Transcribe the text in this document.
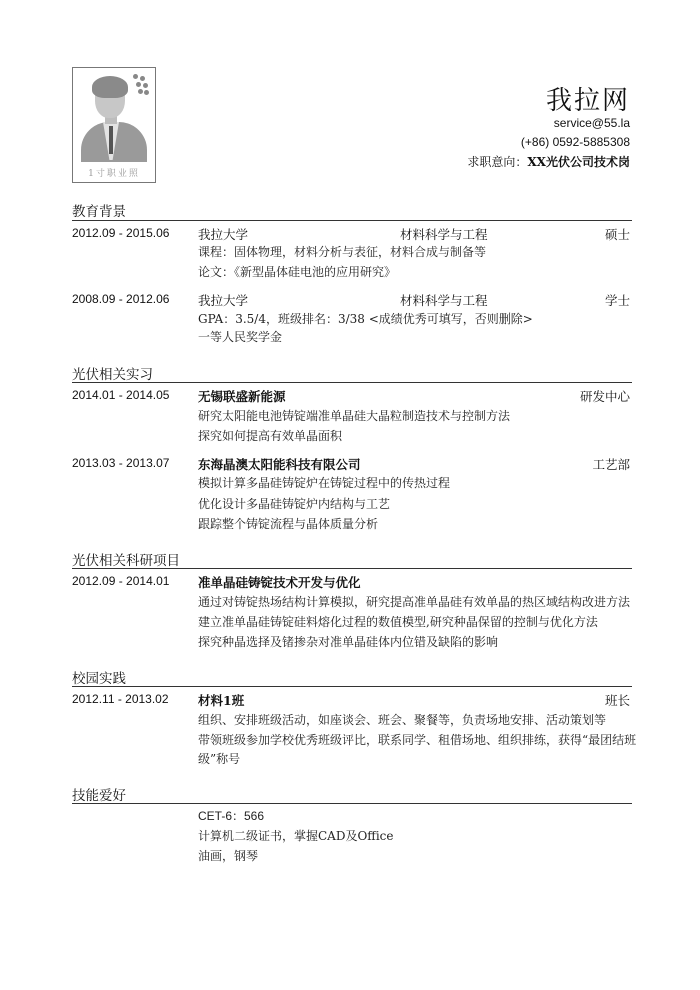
1寸职业照
我拉网
service@55.la
(+86) 0592-5885308
求职意向：XX光伏公司技术岗
教育背景
2012.09 - 2015.06 我拉大学	材料科学与工程	硕士
课程：固体物理，材料分析与表征，材料合成与制备等
论文：《新型晶体硅电池的应用研究》
2008.09 - 2012.06 我拉大学	材料科学与工程	学士
GPA：3.5/4，班级排名：3/38 <成绩优秀可填写，否则删除>
一等人民奖学金
光伏相关实习
2014.01 - 2014.05 无锡联盛新能源	研发中心
研究太阳能电池铸锭端准单晶硅大晶粒制造技术与控制方法
探究如何提高有效单晶面积
2013.03 - 2013.07 东海晶澳太阳能科技有限公司	工艺部
模拟计算多晶硅铸锭炉在铸锭过程中的传热过程
优化设计多晶硅铸锭炉内结构与工艺
跟踪整个铸锭流程与晶体质量分析
光伏相关科研项目
2012.09 - 2014.01 准单晶硅铸锭技术开发与优化
通过对铸锭热场结构计算模拟，研究提高准单晶硅有效单晶的热区域结构改进方法
建立准单晶硅铸锭硅料熔化过程的数值模型,研究种晶保留的控制与优化方法
探究种晶选择及锗掺杂对准单晶硅体内位错及缺陷的影响
校园实践
2012.11 - 2013.02 材料1班	班长
组织、安排班级活动，如座谈会、班会、聚餐等，负责场地安排、活动策划等
带领班级参加学校优秀班级评比，联系同学、租借场地、组织排练，获得“最团结班
级”称号
技能爱好
CET-6：566
计算机二级证书，掌握CAD及Office
油画，钢琴
